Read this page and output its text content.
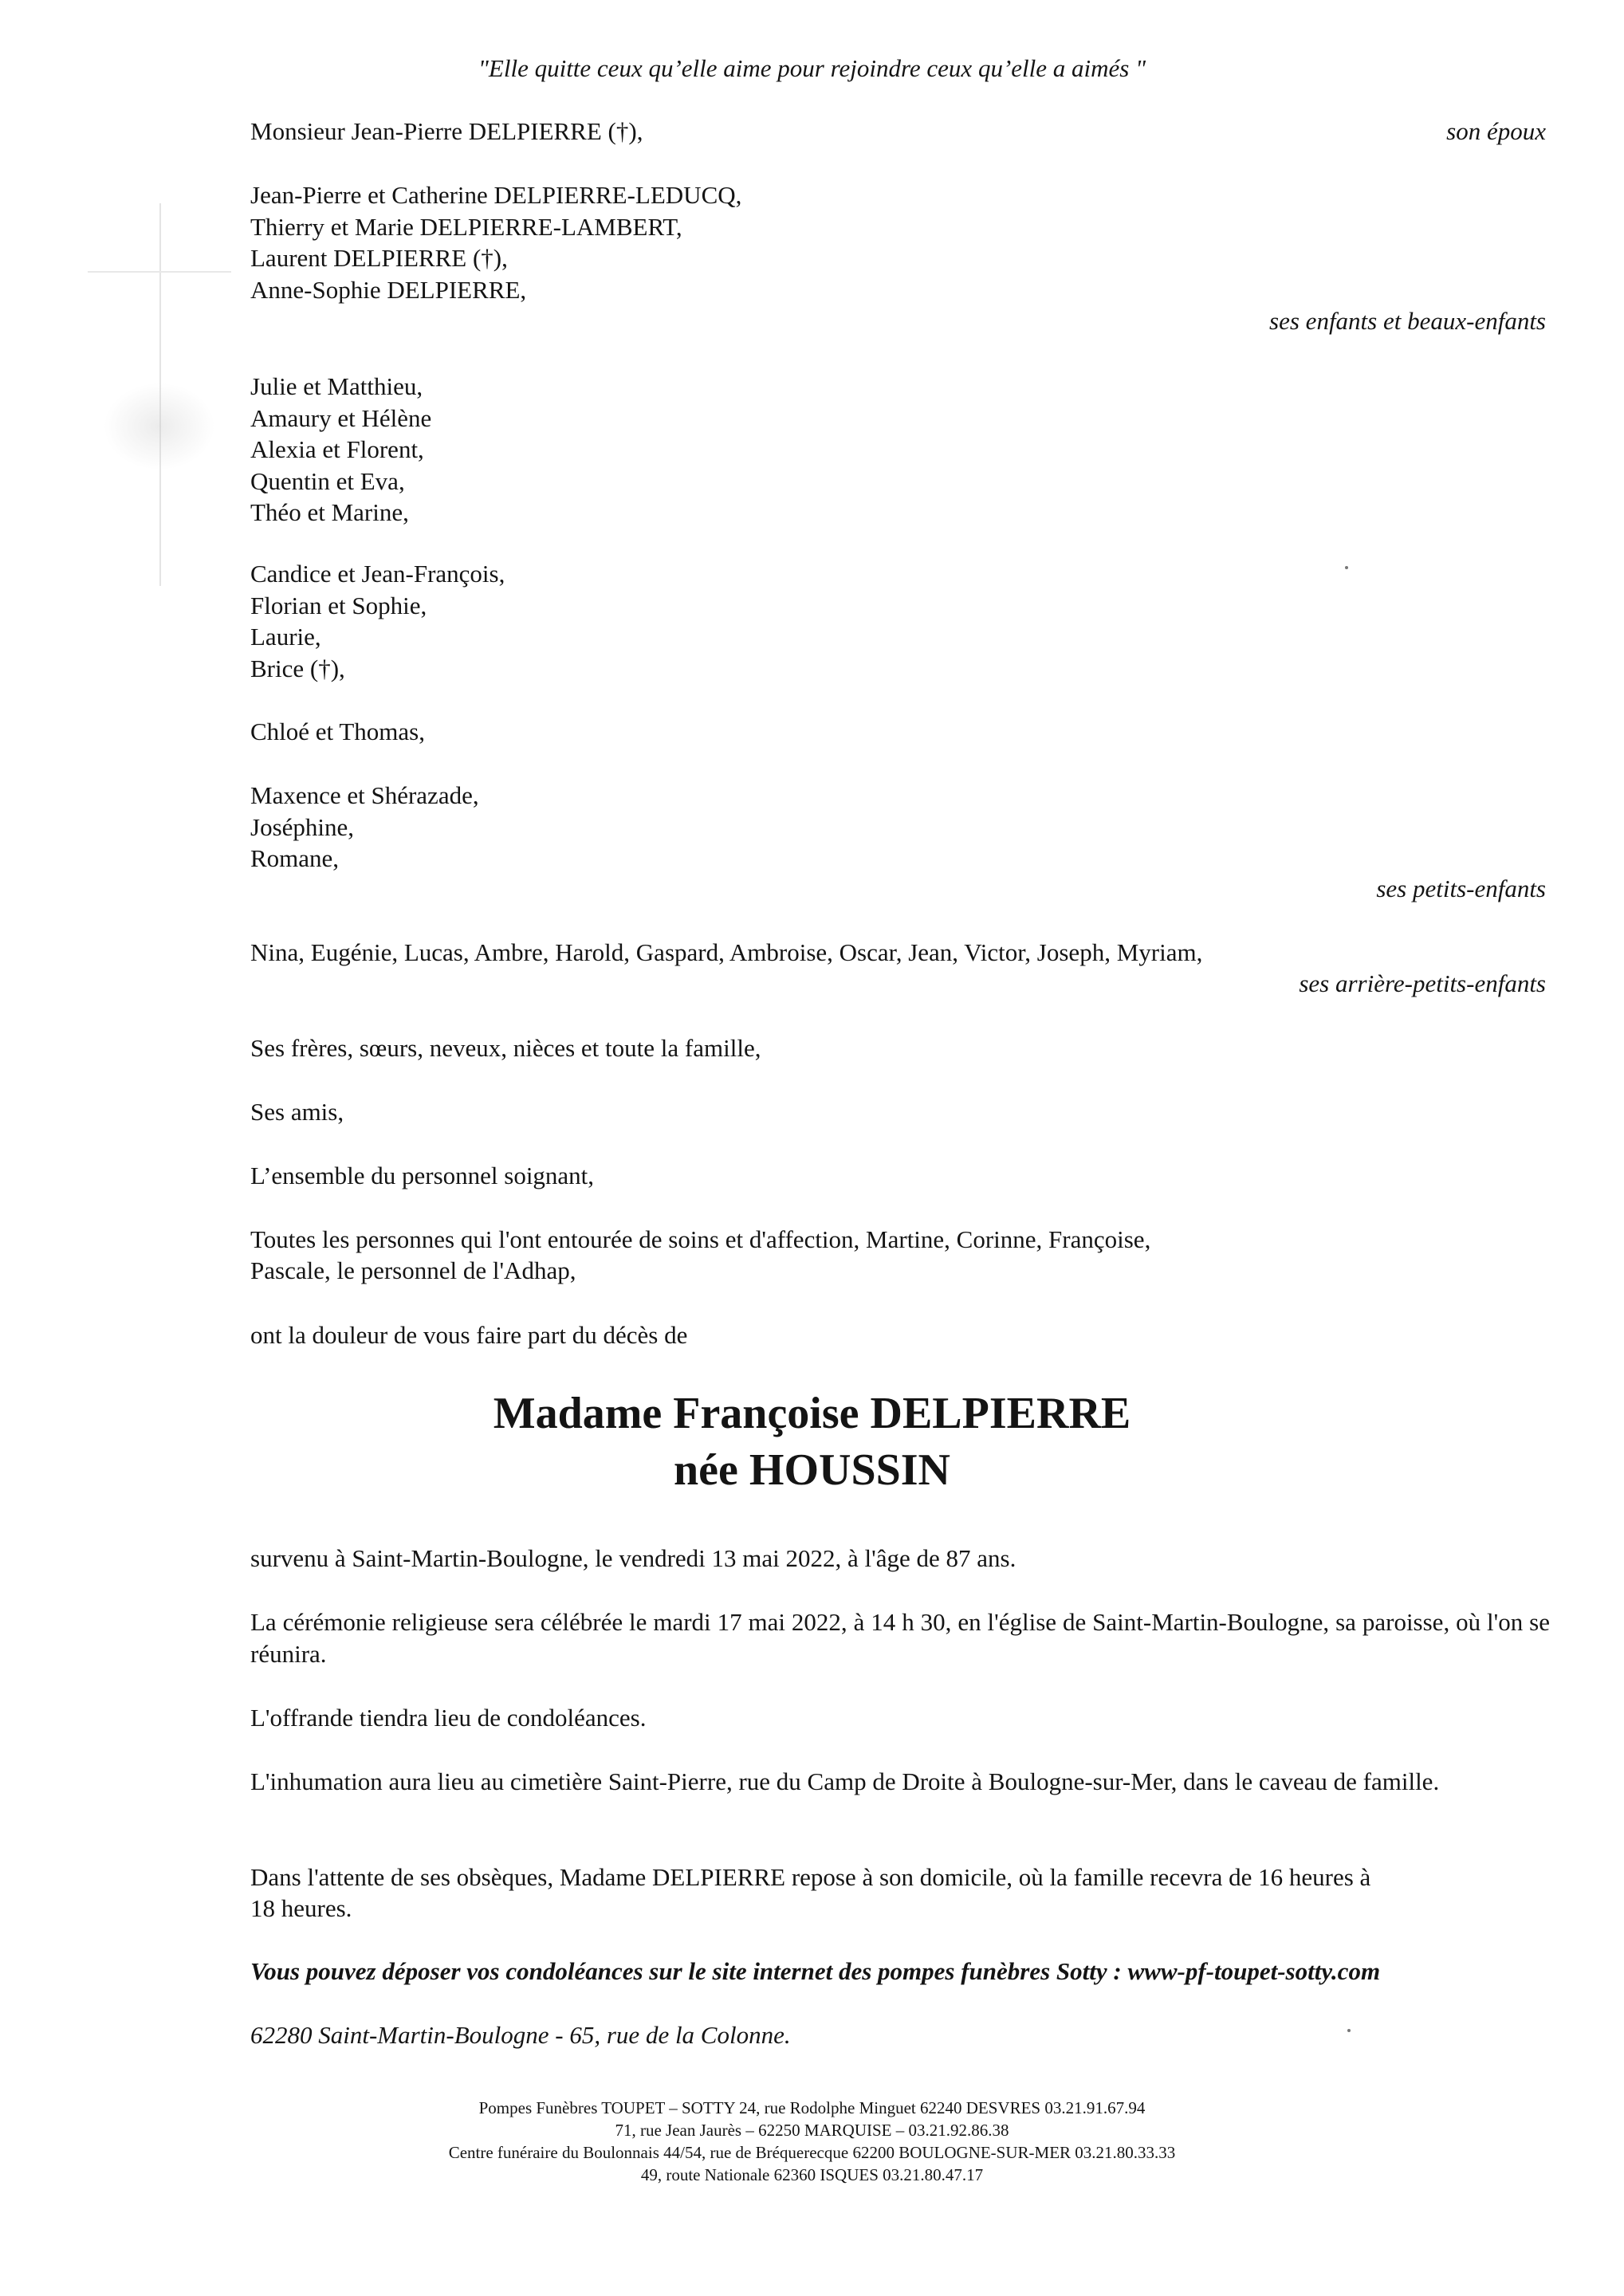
"Elle quitte ceux qu’elle aime pour rejoindre ceux qu’elle a aimés "
Monsieur Jean-Pierre DELPIERRE (†),	son époux
Jean-Pierre et Catherine DELPIERRE-LEDUCQ,
Thierry et Marie DELPIERRE-LAMBERT,
Laurent DELPIERRE (†),
Anne-Sophie DELPIERRE,
ses enfants et beaux-enfants
Julie et Matthieu,
Amaury et Hélène
Alexia et Florent,
Quentin et Eva,
Théo et Marine,
Candice et Jean-François,
Florian et Sophie,
Laurie,
Brice (†),
Chloé et Thomas,
Maxence et Shérazade,
Joséphine,
Romane,
ses petits-enfants
Nina, Eugénie, Lucas, Ambre, Harold, Gaspard, Ambroise, Oscar, Jean, Victor, Joseph, Myriam,
ses arrière-petits-enfants
Ses frères, sœurs, neveux, nièces et toute la famille,
Ses amis,
L’ensemble du personnel soignant,
Toutes les personnes qui l'ont entourée de soins et d'affection, Martine, Corinne, Françoise,
Pascale, le personnel de l'Adhap,
ont la douleur de vous faire part du décès de
Madame Françoise DELPIERRE
née HOUSSIN
survenu à Saint-Martin-Boulogne, le vendredi 13 mai 2022, à l'âge de 87 ans.
La cérémonie religieuse sera célébrée le mardi 17 mai 2022, à 14 h 30, en l'église de Saint-Martin-Boulogne, sa paroisse, où l'on se réunira.
L'offrande tiendra lieu de condoléances.
L'inhumation aura lieu au cimetière Saint-Pierre, rue du Camp de Droite à Boulogne-sur-Mer, dans le caveau de famille.
Dans l'attente de ses obsèques, Madame DELPIERRE repose à son domicile, où la famille recevra de 16 heures à
18 heures.
Vous pouvez déposer vos condoléances sur le site internet des pompes funèbres Sotty : www-pf-toupet-sotty.com
62280 Saint-Martin-Boulogne - 65, rue de la Colonne.
Pompes Funèbres TOUPET – SOTTY 24, rue Rodolphe Minguet 62240 DESVRES 03.21.91.67.94
71, rue Jean Jaurès – 62250 MARQUISE – 03.21.92.86.38
Centre funéraire du Boulonnais 44/54, rue de Bréquerecque 62200 BOULOGNE-SUR-MER 03.21.80.33.33
49, route Nationale 62360 ISQUES 03.21.80.47.17
